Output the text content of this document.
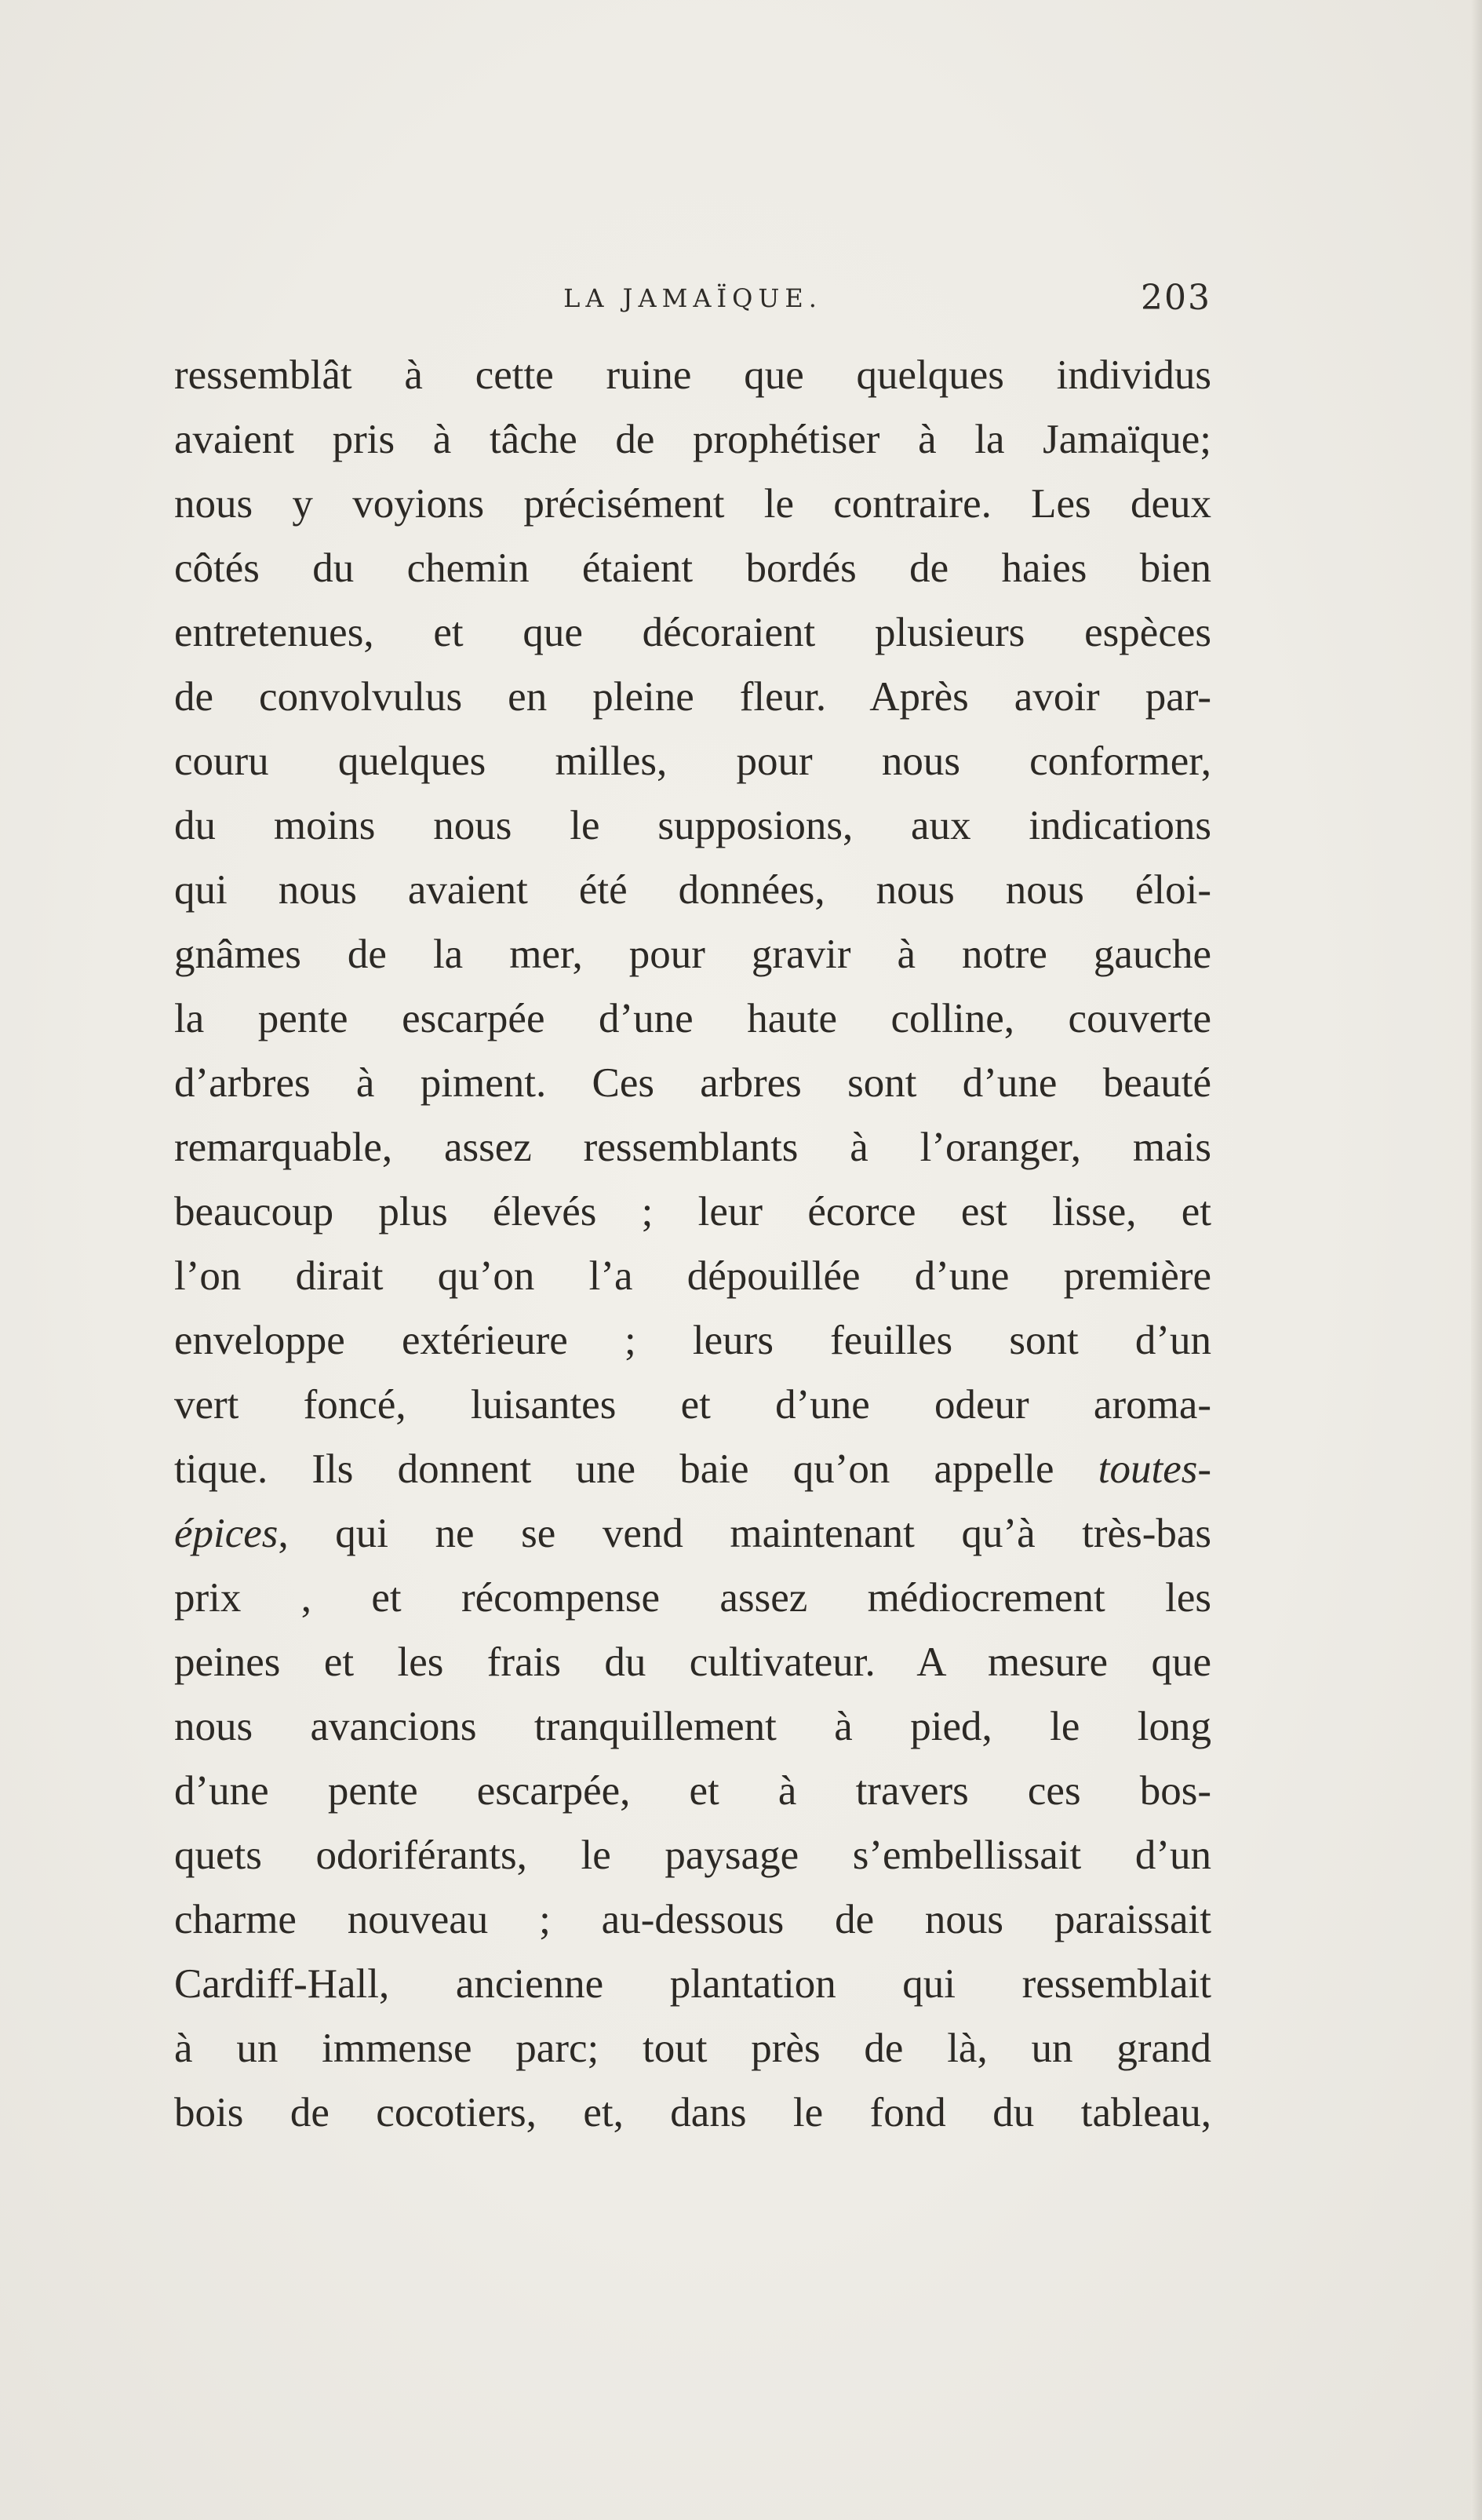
LA JAMAÏQUE.	203
ressemblât à cette ruine que quelques individus
avaient pris à tâche de prophétiser à la Jamaïque;
nous y voyions précisément le contraire. Les deux
côtés du chemin étaient bordés de haies bien
entretenues, et que décoraient plusieurs espèces
de convolvulus en pleine fleur. Après avoir par-
couru quelques milles, pour nous conformer,
du moins nous le supposions, aux indications
qui nous avaient été données, nous nous éloi-
gnâmes de la mer, pour gravir à notre gauche
la pente escarpée d’une haute colline, couverte
d’arbres à piment. Ces arbres sont d’une beauté
remarquable, assez ressemblants à l’oranger, mais
beaucoup plus élevés ; leur écorce est lisse, et
l’on dirait qu’on l’a dépouillée d’une première
enveloppe extérieure ; leurs feuilles sont d’un
vert foncé, luisantes et d’une odeur aroma-
tique. Ils donnent une baie qu’on appelle toutes-
épices, qui ne se vend maintenant qu’à très-bas
prix , et récompense assez médiocrement les
peines et les frais du cultivateur. A mesure que
nous avancions tranquillement à pied, le long
d’une pente escarpée, et à travers ces bos-
quets odoriférants, le paysage s’embellissait d’un
charme nouveau ; au-dessous de nous paraissait
Cardiff-Hall, ancienne plantation qui ressemblait
à un immense parc; tout près de là, un grand
bois de cocotiers, et, dans le fond du tableau,
